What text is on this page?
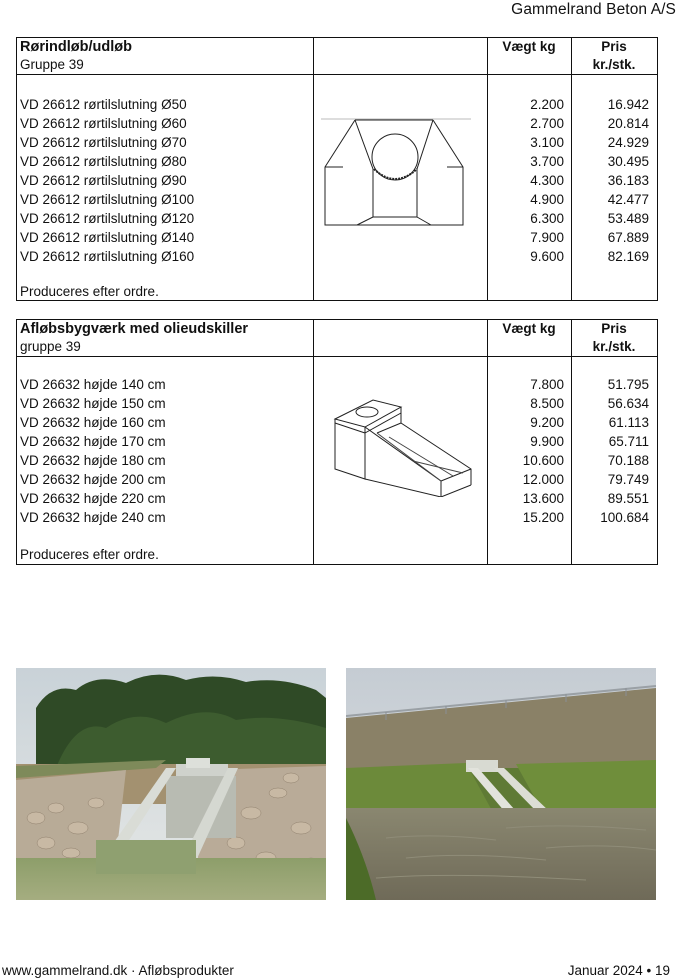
Gammelrand Beton A/S
Rørindløb/udløb
Gruppe 39
Vægt kg	Pris
kr./stk.
VD 26612 rørtilslutning Ø50	2.200	16.942
VD 26612 rørtilslutning Ø60	2.700	20.814
VD 26612 rørtilslutning Ø70	3.100	24.929
VD 26612 rørtilslutning Ø80	3.700	30.495
VD 26612 rørtilslutning Ø90	4.300	36.183
VD 26612 rørtilslutning Ø100	4.900	42.477
VD 26612 rørtilslutning Ø120	6.300	53.489
VD 26612 rørtilslutning Ø140	7.900	67.889
VD 26612 rørtilslutning Ø160	9.600	82.169
Produceres efter ordre.
Afløbsbygværk med olieudskiller
gruppe 39
Vægt kg	Pris
kr./stk.
VD 26632 højde 140 cm	7.800	51.795
VD 26632 højde 150 cm	8.500	56.634
VD 26632 højde 160 cm	9.200	61.113
VD 26632 højde 170 cm	9.900	65.711
VD 26632 højde 180 cm	10.600	70.188
VD 26632 højde 200 cm	12.000	79.749
VD 26632 højde 220 cm	13.600	89.551
VD 26632 højde 240 cm	15.200	100.684
Produceres efter ordre.
www.gammelrand.dk · Afløbsprodukter	Januar 2024 • 19
